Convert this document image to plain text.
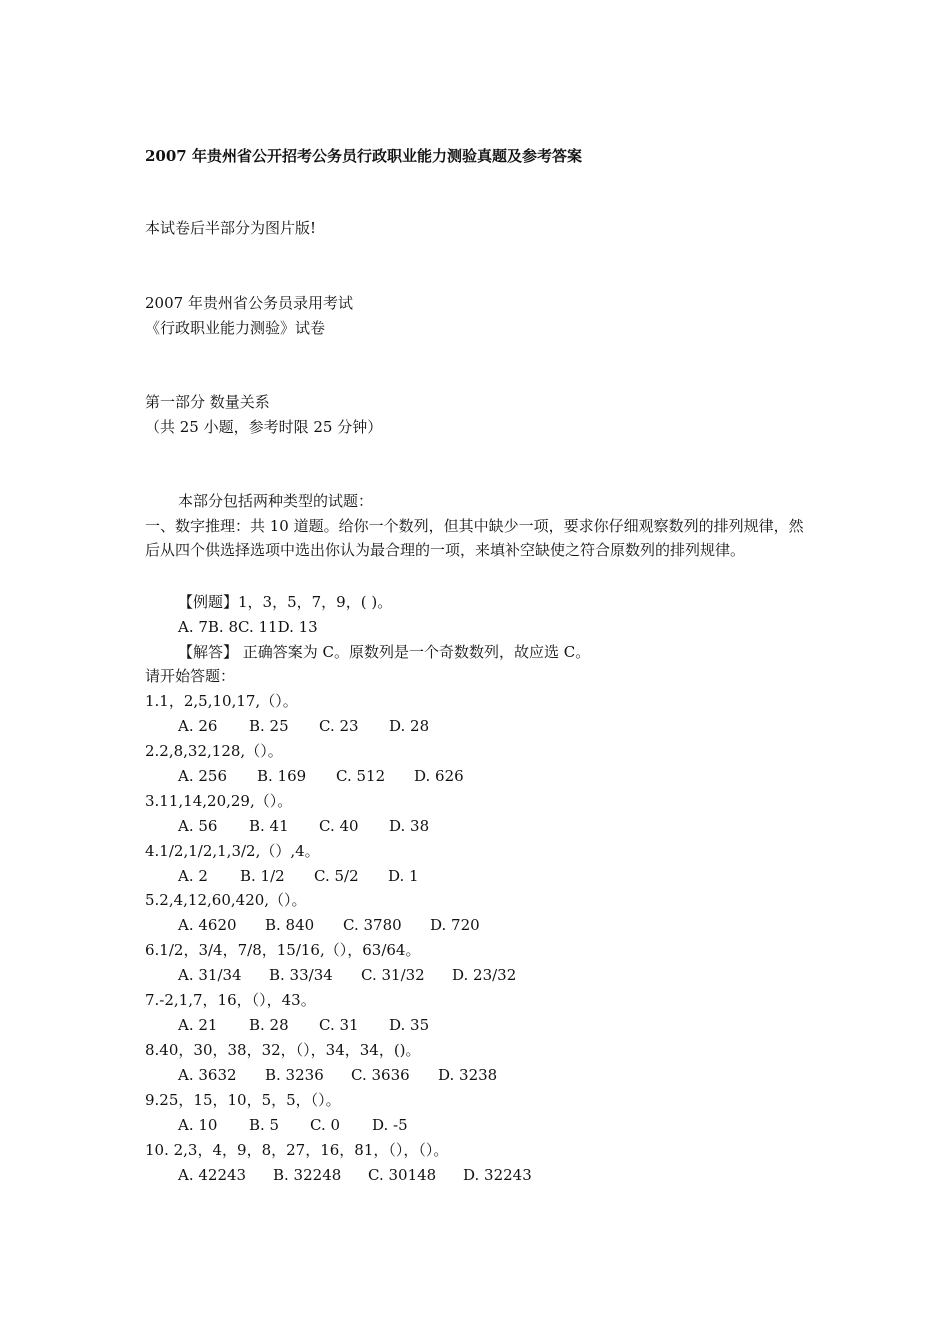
2007 年贵州省公开招考公务员行政职业能力测验真题及参考答案
本试卷后半部分为图片版!
2007 年贵州省公务员录用考试
《行政职业能力测验》试卷
第一部分 数量关系
（共 25 小题，参考时限 25 分钟）
本部分包括两种类型的试题：
一、数字推理：共 10 道题。给你一个数列，但其中缺少一项，要求你仔细观察数列的排列规律，然后从四个供选择选项中选出你认为最合理的一项，来填补空缺使之符合原数列的排列规律。
【例题】1，3，5，7，9，( )。
A. 7B. 8C. 11D. 13
【解答】 正确答案为 C。原数列是一个奇数数列，故应选 C。
请开始答题：
1.1，2,5,10,17,（）。
A. 26 B. 25 C. 23 D. 28
2.2,8,32,128,（）。
A. 256 B. 169 C. 512 D. 626
3.11,14,20,29,（）。
A. 56 B. 41 C. 40 D. 38
4.1/2,1/2,1,3/2,（）,4。
A. 2 B. 1/2 C. 5/2 D. 1
5.2,4,12,60,420,（）。
A. 4620 B. 840 C. 3780 D. 720
6.1/2，3/4，7/8，15/16,（），63/64。
A. 31/34 B. 33/34 C. 31/32 D. 23/32
7.-2,1,7，16，（），43。
A. 21 B. 28 C. 31 D. 35
8.40，30，38，32，（），34，34，()。
A. 3632 B. 3236 C. 3636 D. 3238
9.25，15，10，5，5，（）。
A. 10 B. 5 C. 0 D. -5
10. 2,3，4，9，8，27，16，81，（），（）。
A. 42243 B. 32248 C. 30148 D. 32243
